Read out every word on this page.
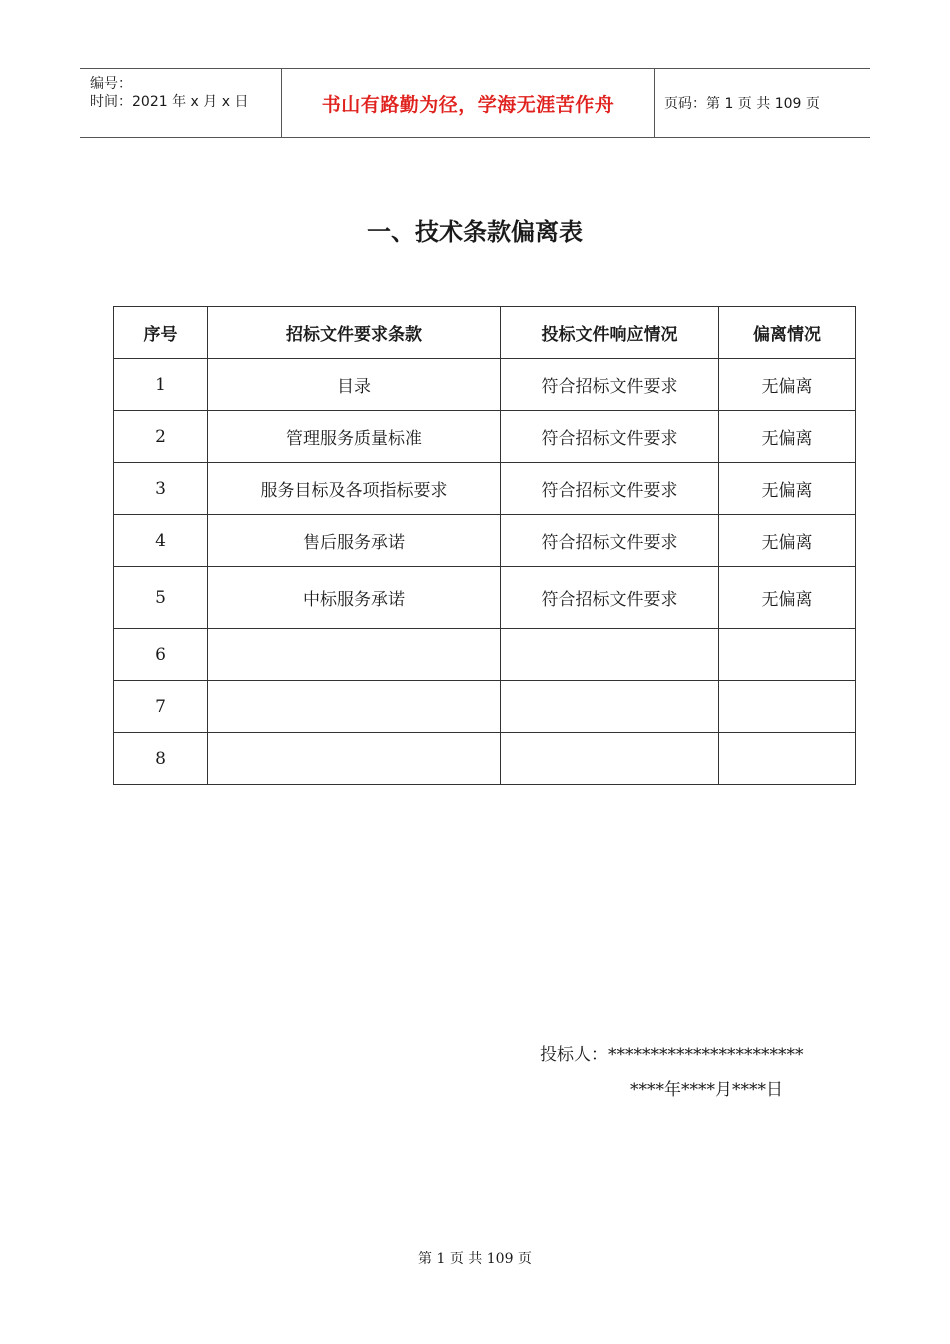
编号：
时间：2021 年 x 月 x 日	书山有路勤为径，学海无涯苦作舟	页码：第 1 页 共 109 页
一、技术条款偏离表
序号	招标文件要求条款	投标文件响应情况	偏离情况
1	目录	符合招标文件要求	无偏离
2	管理服务质量标准	符合招标文件要求	无偏离
3	服务目标及各项指标要求	符合招标文件要求	无偏离
4	售后服务承诺	符合招标文件要求	无偏离
5	中标服务承诺	符合招标文件要求	无偏离
6			
7			
8			
投标人：***********************
****年****月****日
第 1 页 共 109 页
